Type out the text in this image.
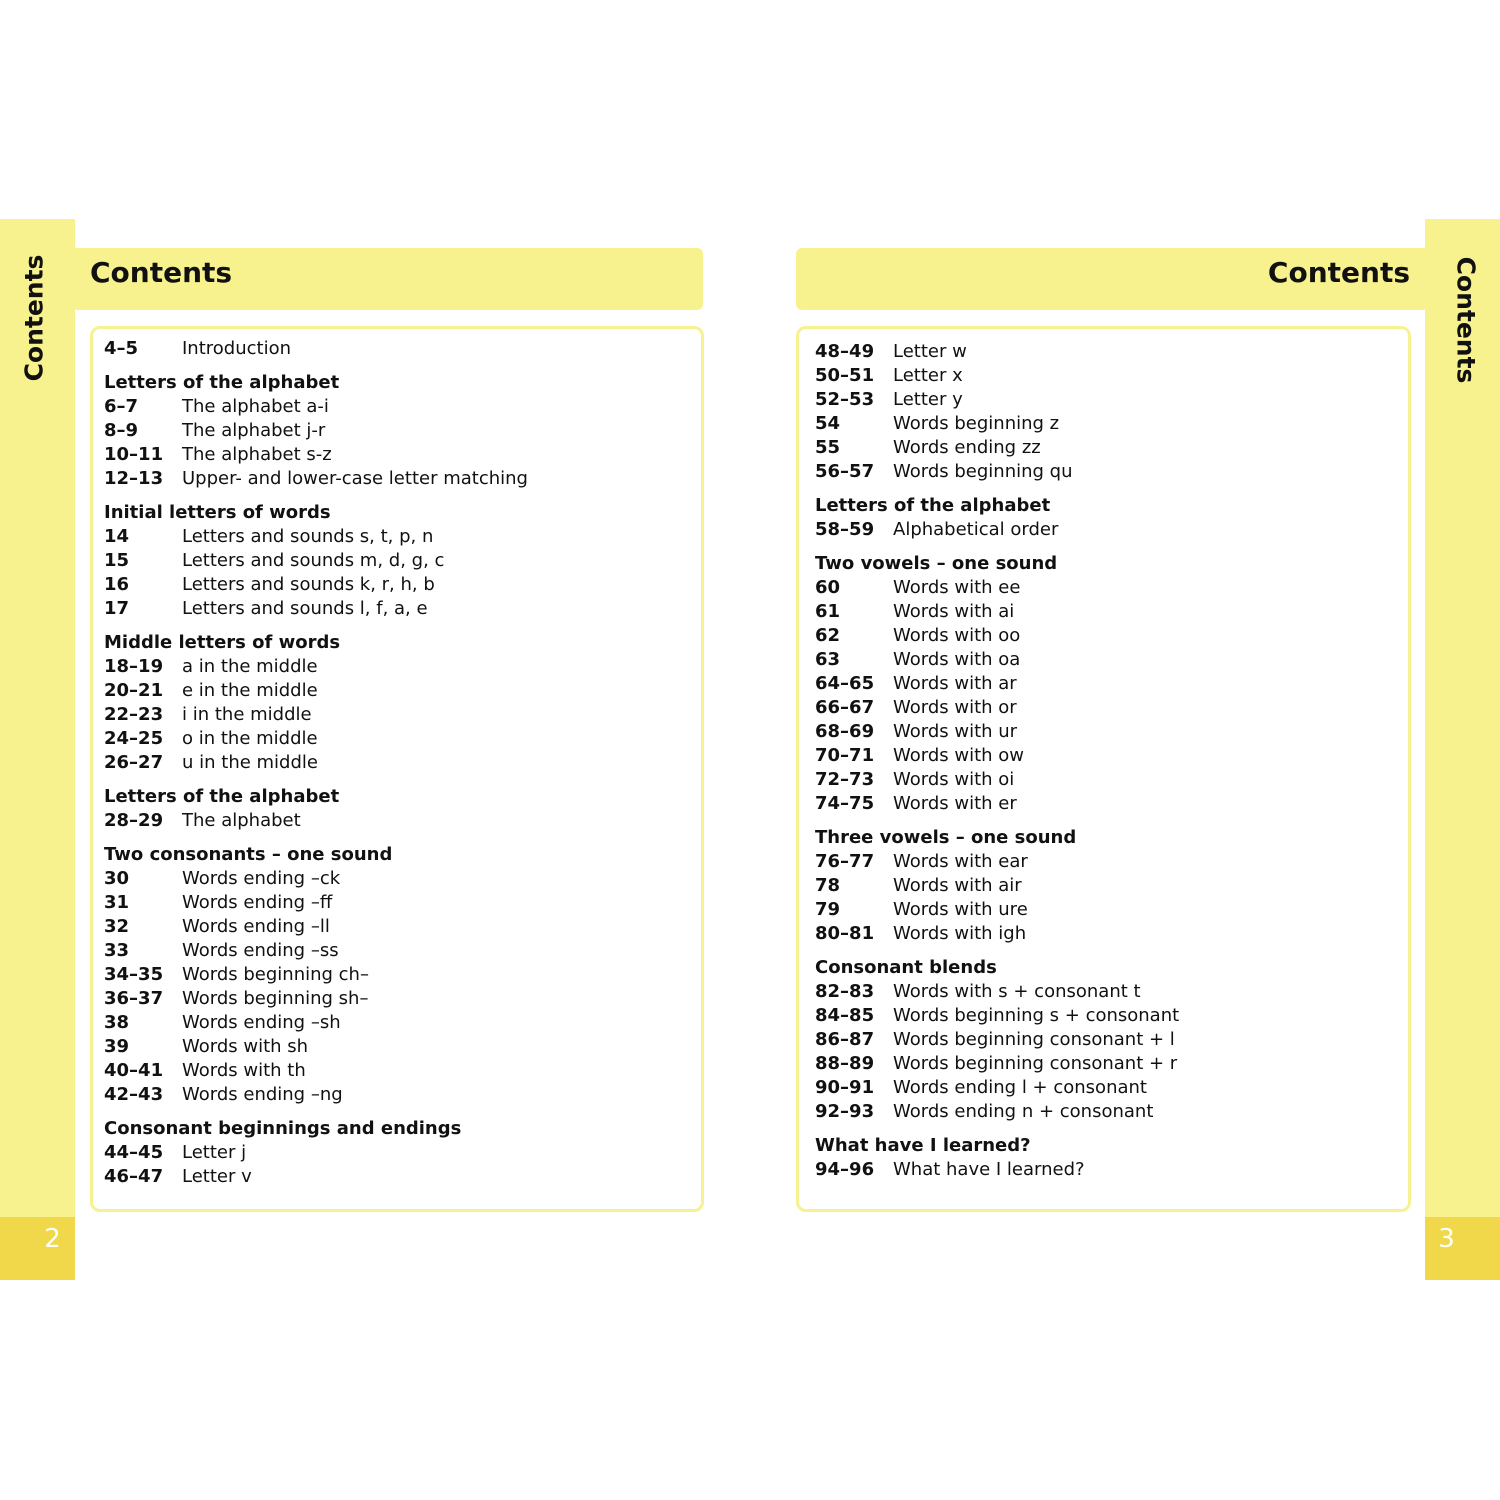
Contents
2
Contents
4–5 Introduction
Letters of the alphabet
6–7 The alphabet a-i
8–9 The alphabet j-r
10–11 The alphabet s-z
12–13 Upper- and lower-case letter matching
Initial letters of words
14	Letters and sounds s, t, p, n
15	Letters and sounds m, d, g, c
16	Letters and sounds k, r, h, b
17	Letters and sounds l, f, a, e
Middle letters of words
18–19 a in the middle
20–21 e in the middle
22–23 i in the middle
24–25 o in the middle
26–27 u in the middle
Letters of the alphabet
28–29 The alphabet
Two consonants – one sound
30	Words ending –ck
31	Words ending –ff
32	Words ending –ll
33	Words ending –ss
34–35 Words beginning ch–
36–37 Words beginning sh–
38	Words ending –sh
39	Words with sh
40–41 Words with th
42–43 Words ending –ng
Consonant beginnings and endings
44–45 Letter j
46–47 Letter v
Contents
3
Contents
48–49 Letter w
50–51 Letter x
52–53 Letter y
54	Words beginning z
55	Words ending zz
56–57 Words beginning qu
Letters of the alphabet
58–59 Alphabetical order
Two vowels – one sound
60	Words with ee
61	Words with ai
62	Words with oo
63	Words with oa
64–65 Words with ar
66–67 Words with or
68–69 Words with ur
70–71 Words with ow
72–73 Words with oi
74–75 Words with er
Three vowels – one sound
76–77 Words with ear
78	Words with air
79	Words with ure
80–81 Words with igh
Consonant blends
82–83 Words with s + consonant t
84–85 Words beginning s + consonant
86–87 Words beginning consonant + l
88–89 Words beginning consonant + r
90–91 Words ending l + consonant
92–93 Words ending n + consonant
What have I learned?
94–96 What have I learned?
